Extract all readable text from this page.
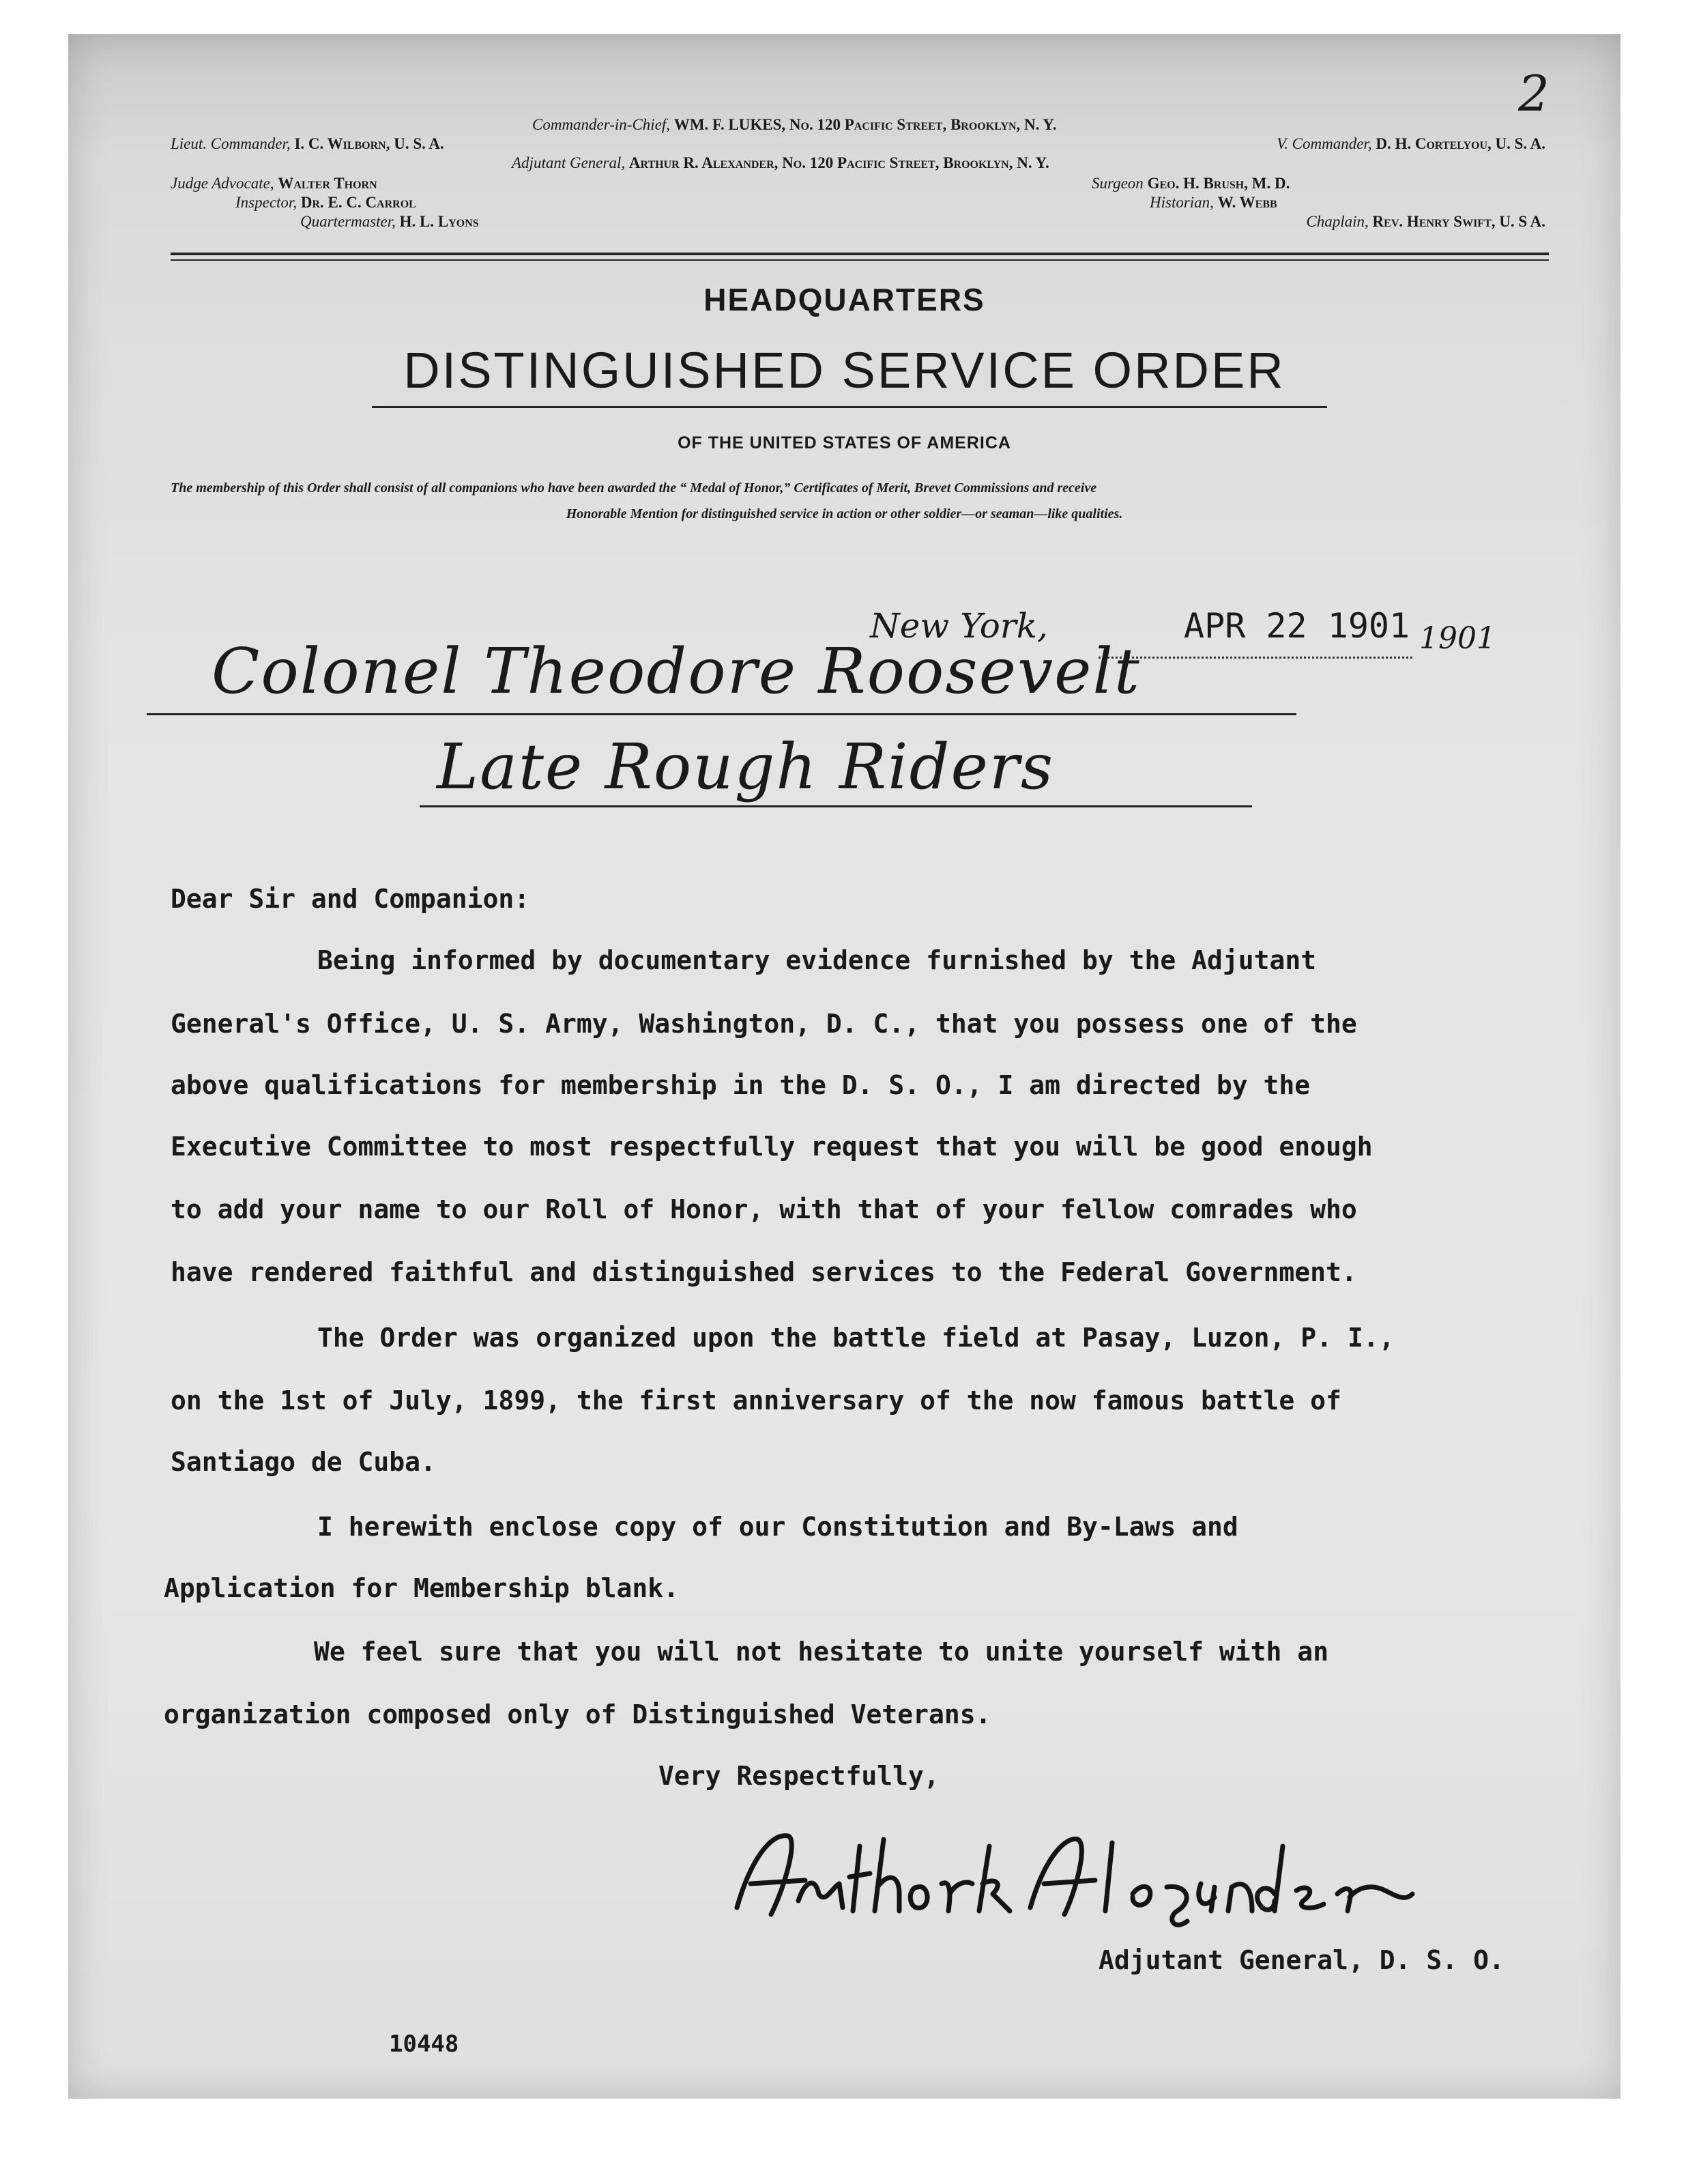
2
Commander-in-Chief, WM. F. LUKES, No. 120 Pacific Street, Brooklyn, N. Y.
Lieut. Commander, I. C. Wilborn, U. S. A.	V. Commander, D. H. Cortelyou, U. S. A.
Adjutant General, Arthur R. Alexander, No. 120 Pacific Street, Brooklyn, N. Y.
Judge Advocate, Walter Thorn	Surgeon Geo. H. Brush, M. D.
Inspector, Dr. E. C. Carrol	Historian, W. Webb
Quartermaster, H. L. Lyons	Chaplain, Rev. Henry Swift, U. S A.
HEADQUARTERS
DISTINGUISHED SERVICE ORDER
OF THE UNITED STATES OF AMERICA
The membership of this Order shall consist of all companions who have been awarded the “ Medal of Honor,” Certificates of Merit, Brevet Commissions and receive
Honorable Mention for distinguished service in action or other soldier—or seaman—like qualities.
New York,	APR 22 1901 1901
Colonel Theodore Roosevelt
Late Rough Riders
Dear Sir and Companion:
Being informed by documentary evidence furnished by the Adjutant
General's Office, U. S. Army, Washington, D. C., that you possess one of the
above qualifications for membership in the D. S. O., I am directed by the
Executive Committee to most respectfully request that you will be good enough
to add your name to our Roll of Honor, with that of your fellow comrades who
have rendered faithful and distinguished services to the Federal Government.
The Order was organized upon the battle field at Pasay, Luzon, P. I.,
on the 1st of July, 1899, the first anniversary of the now famous battle of
Santiago de Cuba.
I herewith enclose copy of our Constitution and By-Laws and
Application for Membership blank.
We feel sure that you will not hesitate to unite yourself with an
organization composed only of Distinguished Veterans.
Very Respectfully,
Arthur R. Alexander
Adjutant General, D. S. O.
10448
